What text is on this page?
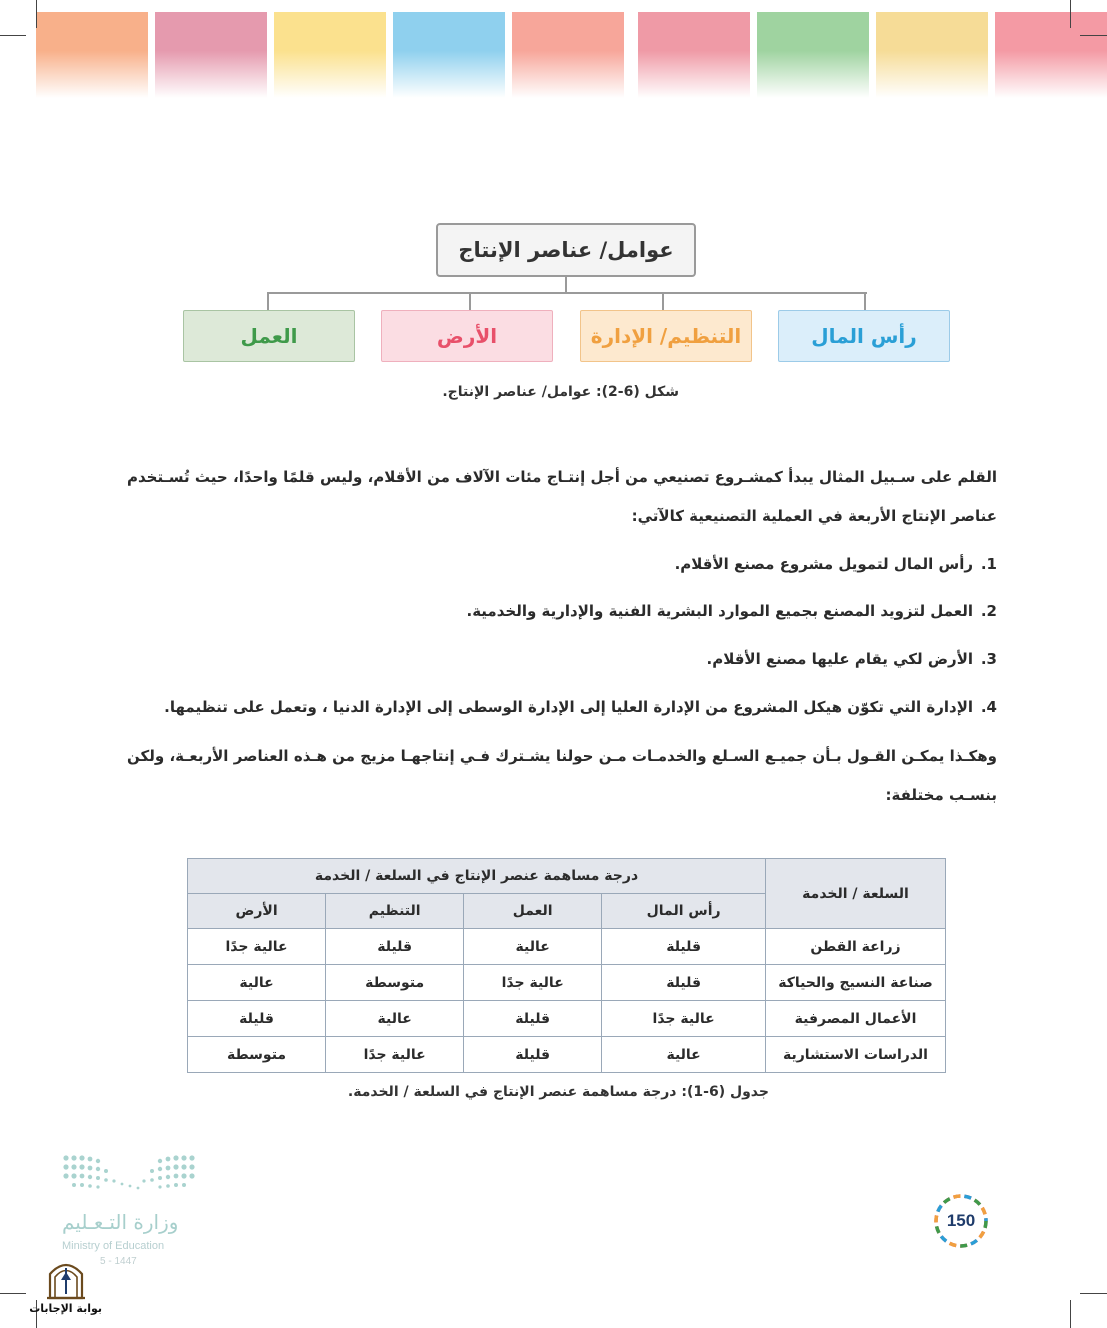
عوامل/ عناصر الإنتاج
رأس المال
التنظيم/ الإدارة
الأرض
العمل
شكل (6-2): عوامل/ عناصر الإنتاج.
القلم على سـبيل المثال يبدأ كمشـروع تصنيعي من أجل إنتـاج مئات الآلاف من الأقلام، وليس قلمًا واحدًا، حيث تُسـتخدم
عناصر الإنتاج الأربعة في العملية التصنيعية كالآتي:
.1
رأس المال لتمويل مشروع مصنع الأقلام.
.2
العمل لتزويد المصنع بجميع الموارد البشرية الفنية والإدارية والخدمية.
.3
الأرض لكي يقام عليها مصنع الأقلام.
.4
الإدارة التي تكوّن هيكل المشروع من الإدارة العليا إلى الإدارة الوسطى إلى الإدارة الدنيا ، وتعمل على تنظيمها.
وهكـذا يمكـن القـول بـأن جميـع السـلع والخدمـات مـن حولنا يشـترك فـي إنتاجهـا مزيج من هـذه العناصر الأربعـة، ولكن
بنسـب مختلفة:
السلعة / الخدمة	درجة مساهمة عنصر الإنتاج في السلعة / الخدمة			
	رأس المال	العمل	التنظيم	الأرض
زراعة القطن	قليلة	عالية	قليلة	عالية جدًا
صناعة النسيج والحياكة	قليلة	عالية جدًا	متوسطة	عالية
الأعمال المصرفية	عالية جدًا	قليلة	عالية	قليلة
الدراسات الاستشارية	عالية	قليلة	عالية جدًا	متوسطة
جدول (6-1): درجة مساهمة عنصر الإنتاج في السلعة / الخدمة.
وزارة التـعـليم
Ministry of Education
5 - 1447
بوابة الإجابات
150
